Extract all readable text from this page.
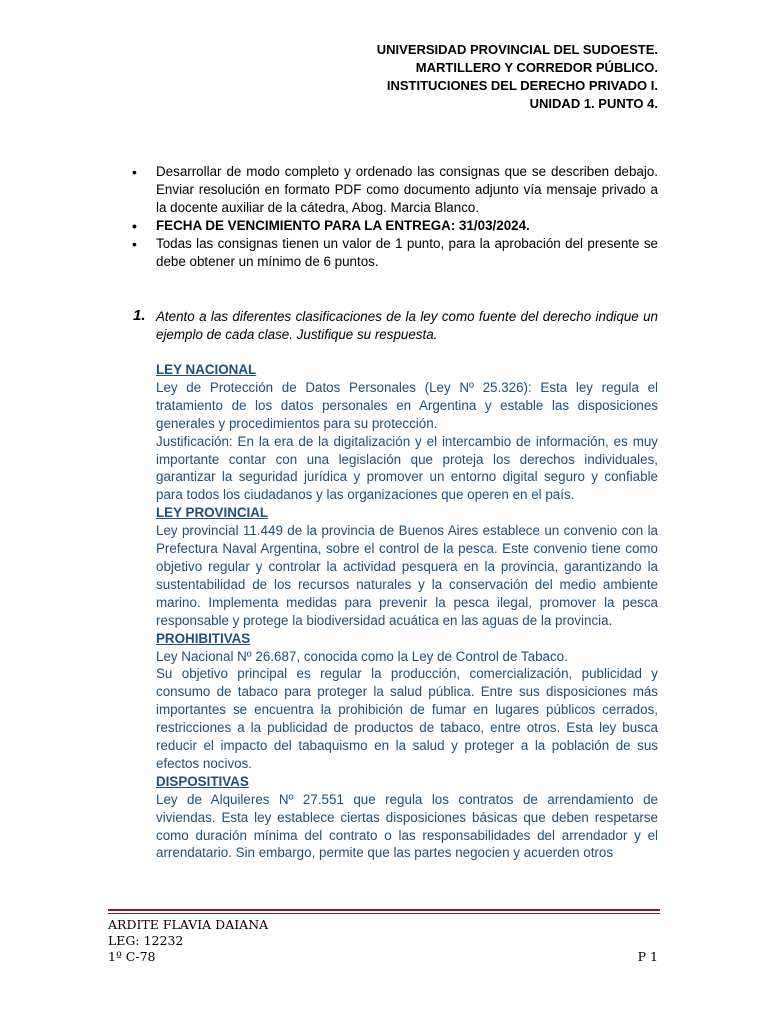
UNIVERSIDAD PROVINCIAL DEL SUDOESTE.
MARTILLERO Y CORREDOR PÚBLICO.
INSTITUCIONES DEL DERECHO PRIVADO I.
UNIDAD 1. PUNTO 4.
• Desarrollar de modo completo y ordenado las consignas que se describen debajo. Enviar resolución en formato PDF como documento adjunto vía mensaje privado a la docente auxiliar de la cátedra, Abog. Marcia Blanco.
• FECHA DE VENCIMIENTO PARA LA ENTREGA: 31/03/2024.
• Todas las consignas tienen un valor de 1 punto, para la aprobación del presente se debe obtener un mínimo de 6 puntos.
1. Atento a las diferentes clasificaciones de la ley como fuente del derecho indique un ejemplo de cada clase. Justifique su respuesta.
LEY NACIONAL
Ley de Protección de Datos Personales (Ley Nº 25.326): Esta ley regula el tratamiento de los datos personales en Argentina y estable las disposiciones generales y procedimientos para su protección.
Justificación: En la era de la digitalización y el intercambio de información, es muy importante contar con una legislación que proteja los derechos individuales, garantizar la seguridad jurídica y promover un entorno digital seguro y confiable para todos los ciudadanos y las organizaciones que operen en el país.
LEY PROVINCIAL
Ley provincial 11.449 de la provincia de Buenos Aires establece un convenio con la Prefectura Naval Argentina, sobre el control de la pesca. Este convenio tiene como objetivo regular y controlar la actividad pesquera en la provincia, garantizando la sustentabilidad de los recursos naturales y la conservación del medio ambiente marino. Implementa medidas para prevenir la pesca ilegal, promover la pesca responsable y protege la biodiversidad acuática en las aguas de la provincia.
PROHIBITIVAS
Ley Nacional Nº 26.687, conocida como la Ley de Control de Tabaco.
Su objetivo principal es regular la producción, comercialización, publicidad y consumo de tabaco para proteger la salud pública. Entre sus disposiciones más importantes se encuentra la prohibición de fumar en lugares públicos cerrados, restricciones a la publicidad de productos de tabaco, entre otros. Esta ley busca reducir el impacto del tabaquismo en la salud y proteger a la población de sus efectos nocivos.
DISPOSITIVAS
Ley de Alquileres Nº 27.551 que regula los contratos de arrendamiento de viviendas. Esta ley establece ciertas disposiciones básicas que deben respetarse como duración mínima del contrato o las responsabilidades del arrendador y el arrendatario. Sin embargo, permite que las partes negocien y acuerden otros
ARDITE FLAVIA DAIANA
LEG: 12232
1º C-78	P 1
